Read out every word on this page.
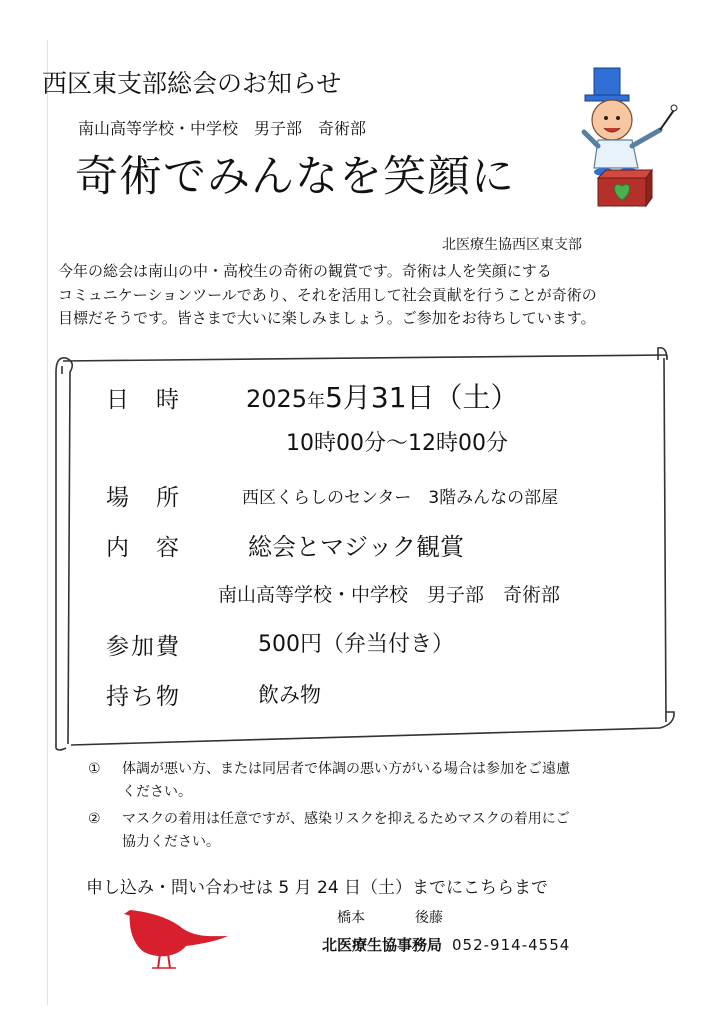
西区東支部総会のお知らせ
南山高等学校・中学校　男子部　奇術部
奇術でみんなを笑顔に
北医療生協西区東支部
今年の総会は南山の中・高校生の奇術の観賞です。奇術は人を笑顔にする
コミュニケーションツールであり、それを活用して社会貢献を行うことが奇術の
目標だそうです。皆さまで大いに楽しみましょう。ご参加をお待ちしています。
日　時	2025年5月31日（土）
10時00分～12時00分
場　所	西区くらしのセンター　3階みんなの部屋
内　容	総会とマジック観賞
南山高等学校・中学校　男子部　奇術部
参加費	500円（弁当付き）
持ち物	飲み物
① 体調が悪い方、または同居者で体調の悪い方がいる場合は参加をご遠慮
ください。
② マスクの着用は任意ですが、感染リスクを抑えるためマスクの着用にご
協力ください。
申し込み・問い合わせは 5 月 24 日（土）までにこちらまで
橋本	後藤
北医療生協事務局 052-914-4554
